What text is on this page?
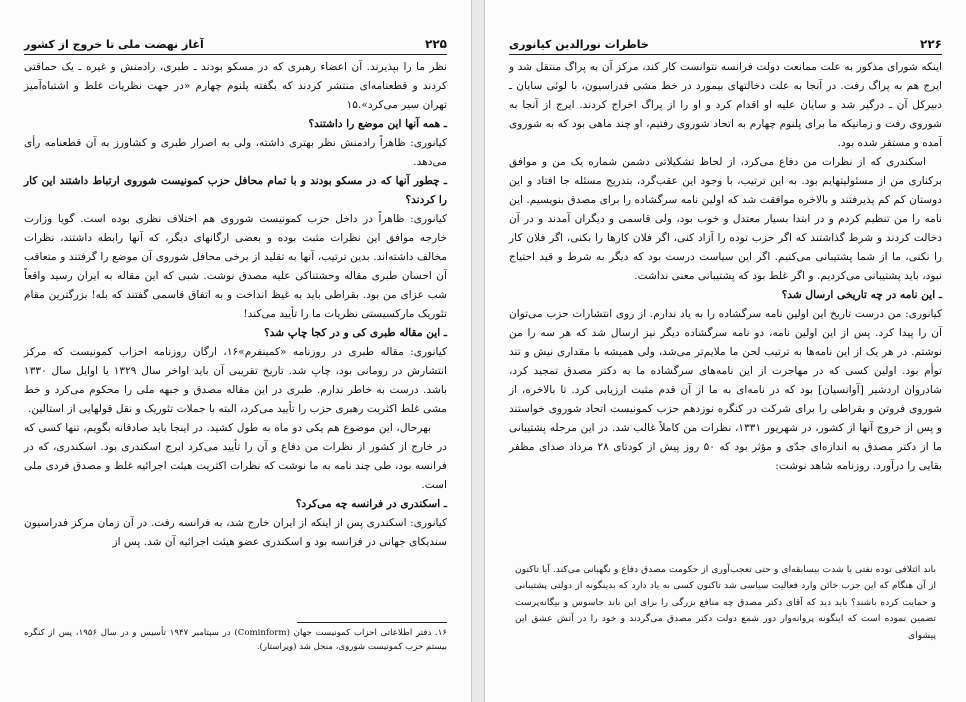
آغاز نهضت ملی تا خروج از کشور	۲۲۵

نظر ما را بپذیرند. آن اعضاء رهبری که در مسکو بودند ـ طبری، رادمنش و غیره ـ یک حماقتی کردند و قطعنامه‌ای منتشر کردند که بگفته پلنوم چهارم «در جهت نظریات غلط و اشتباه‌آمیز تهران سیر می‌کرد».۱۵

ـ همه آنها این موضع را داشتند؟

کیانوری: ظاهراً رادمنش نظر بهتری داشته، ولی به اصرار طبری و کشاورز به آن قطعنامه رأی می‌دهد.

ـ چطور آنها که در مسکو بودند و با تمام محافل حزب کمونیست شوروی ارتباط داشتند این کار را کردند؟

کیانوری: ظاهراً در داخل حزب کمونیست شوروی هم اختلاف نظری بوده است. گویا وزارت خارجه موافق این نظرات مثبت بوده و بعضی ارگانهای دیگر، که آنها رابطه داشتند، نظرات مخالف داشته‌اند. بدین ترتیب، آنها به تقلید از برخی محافل شوروی آن موضع را گرفتند و متعاقب آن احسان طبری مقاله وحشتناکی علیه مصدق نوشت. شبی که این مقاله به ایران رسید واقعاً شب عزای من بود. بقراطی باید به غیظ انداخت و به اتفاق قاسمی گفتند که بله! بزرگترین مقام تئوریک مارکسیستی نظریات ما را تأیید می‌کند!

ـ این مقاله طبری کی و در کجا چاپ شد؟

کیانوری: مقاله طبری در روزنامه «کمینفرم»۱۶، ارگان روزنامه احزاب کمونیست که مرکز انتشارش در رومانی بود، چاپ شد. تاریخ تقریبی آن باید اواخر سال ۱۳۲۹ یا اوایل سال ۱۳۳۰ باشد. درست به خاطر ندارم. طبری در این مقاله مصدق و جبهه ملی را محکوم می‌کرد و خط مشی غلط اکثریت رهبری حزب را تأیید می‌کرد، البته با جملات تئوریک و نقل قولهایی از استالین.

بهرحال، این موضوع هم یکی دو ماه به طول کشید. در اینجا باید صادقانه بگویم، تنها کسی که در خارج از کشور از نظرات من دفاع و آن را تأیید می‌کرد ایرج اسکندری بود. اسکندری، که در فرانسه بود، طی چند نامه به ما نوشت که نظرات اکثریت هیئت اجرائیه غلط و مصدق فردی ملی است.

ـ اسکندری در فرانسه چه می‌کرد؟

کیانوری: اسکندری پس از اینکه از ایران خارج شد، به فرانسه رفت. در آن زمان مرکز فدراسیون سندیکای جهانی در فرانسه بود و اسکندری عضو هیئت اجرائیه آن شد. پس از

۱۶. دفتر اطلاعاتی احزاب کمونیست جهان (Cominform) در سپتامبر ۱۹۴۷ تأسیس و در سال ۱۹۵۶، پس از کنگره بیستم حزب کمونیست شوروی، منحل شد (ویراستار).

خاطرات نورالدین کیانوری	۲۲۶

اینکه شورای مذکور به علت ممانعت دولت فرانسه نتوانست کار کند، مرکز آن به پراگ منتقل شد و ایرج هم به پراگ رفت. در آنجا به علت دخالتهای بیمورد در خط مشی فدراسیون، با لوئی سایان ـ دبیرکل آن ـ درگیر شد و سایان علیه او اقدام کرد و او را از پراگ اخراج کردند. ایرج از آنجا به شوروی رفت و زمانیکه ما برای پلنوم چهارم به اتحاد شوروی رفتیم، او چند ماهی بود که به شوروی آمده و مستقر شده بود.

اسکندری که از نظرات من دفاع می‌کرد، از لحاظ تشکیلاتی دشمن شماره یک من و موافق برکناری من از مسئولیتهایم بود. به این ترتیب، با وجود این عقب‌گرد، بتدریج مسئله جا افتاد و این دوستان کم کم پذیرفتند و بالاخره موافقت شد که اولین نامه سرگشاده را برای مصدق بنویسیم. این نامه را من تنظیم کردم و در ابتدا بسیار معتدل و خوب بود، ولی قاسمی و دیگران آمدند و در آن دخالت کردند و شرط گذاشتند که اگر حزب توده را آزاد کنی، اگر فلان کارها را بکنی، اگر فلان کار را نکنی، ما از شما پشتیبانی می‌کنیم. اگر این سیاست درست بود که دیگر به شرط و قید احتیاج نبود، باید پشتیبانی می‌کردیم. و اگر غلط بود که پشتیبانی معنی نداشت.

ـ این نامه در چه تاریخی ارسال شد؟

کیانوری: من درست تاریخ این اولین نامه سرگشاده را به یاد ندارم. از روی انتشارات حزب می‌توان آن را پیدا کرد. پس از این اولین نامه، دو نامه سرگشاده دیگر نیز ارسال شد که هر سه را من نوشتم. در هر یک از این نامه‌ها به ترتیب لحن ما ملایم‌تر می‌شد، ولی همیشه با مقداری نیش و تند توأم بود. اولین کسی که در مهاجرت از این نامه‌های سرگشاده ما به دکتر مصدق تمجید کرد، شادروان اردشیر [آوانسیان] بود که در نامه‌ای به ما از آن قدم مثبت ارزیابی کرد. تا بالاخره، از شوروی فروتن و بقراطی را برای شرکت در کنگره نوزدهم حزب کمونیست اتحاد شوروی خواستند و پس از خروج آنها از کشور، در شهریور ۱۳۳۱، نظرات من کاملاً غالب شد. در این مرحله پشتیبانی ما از دکتر مصدق به اندازه‌ای جدّی و مؤثر بود که ۵۰ روز پیش از کودتای ۲۸ مرداد صدای مظفر بقایی را درآورد. روزنامه شاهد نوشت:

باند ائتلافی توده نفتی با شدت بیسابقه‌ای و حتی تعجب‌آوری از حکومت مصدق دفاع و نگهبانی می‌کند. آیا تاکنون از آن هنگام که این حزب خائن وارد فعالیت سیاسی شد تاکنون کسی به یاد دارد که بدینگونه از دولتی پشتیبانی و حمایت کرده باشند؟ باید دید که آقای دکتر مصدق چه منافع بزرگی را برای این باند جاسوس و بیگانه‌پرست تضمین نموده است که اینگونه پروانه‌وار دور شمع دولت دکتر مصدق می‌گردند و خود را در آتش عشق این پیشوای
